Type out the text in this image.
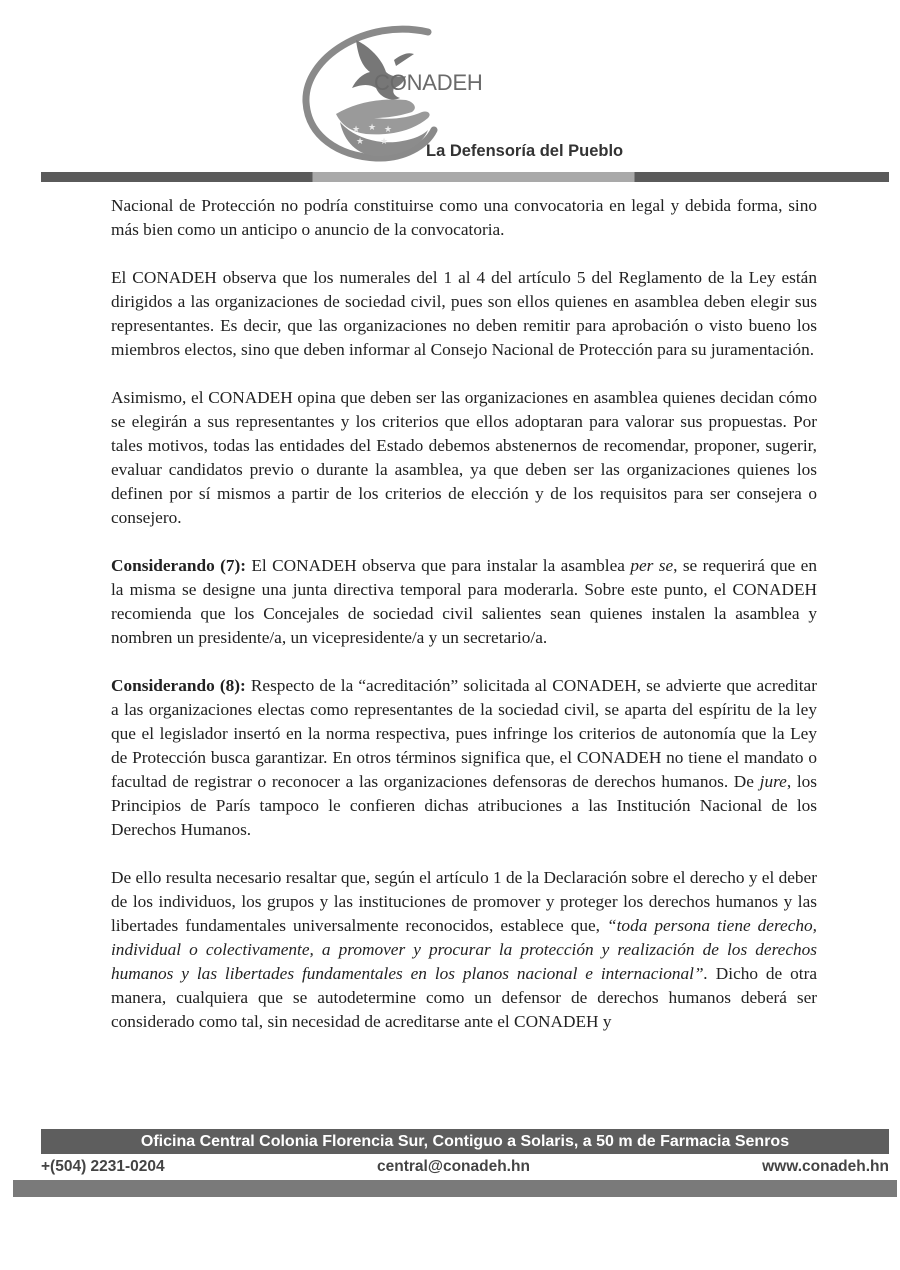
★ ★ ★
★ ★
CONADEH
La Defensoría del Pueblo

Nacional de Protección no podría constituirse como una convocatoria en legal y debida forma, sino más bien como un anticipo o anuncio de la convocatoria.

El CONADEH observa que los numerales del 1 al 4 del artículo 5 del Reglamento de la Ley están dirigidos a las organizaciones de sociedad civil, pues son ellos quienes en asamblea deben elegir sus representantes. Es decir, que las organizaciones no deben remitir para aprobación o visto bueno los miembros electos, sino que deben informar al Consejo Nacional de Protección para su juramentación.

Asimismo, el CONADEH opina que deben ser las organizaciones en asamblea quienes decidan cómo se elegirán a sus representantes y los criterios que ellos adoptaran para valorar sus propuestas. Por tales motivos, todas las entidades del Estado debemos abstenernos de recomendar, proponer, sugerir, evaluar candidatos previo o durante la asamblea, ya que deben ser las organizaciones quienes los definen por sí mismos a partir de los criterios de elección y de los requisitos para ser consejera o consejero.

Considerando (7): El CONADEH observa que para instalar la asamblea per se, se requerirá que en la misma se designe una junta directiva temporal para moderarla. Sobre este punto, el CONADEH recomienda que los Concejales de sociedad civil salientes sean quienes instalen la asamblea y nombren un presidente/a, un vicepresidente/a y un secretario/a.

Considerando (8): Respecto de la “acreditación” solicitada al CONADEH, se advierte que acreditar a las organizaciones electas como representantes de la sociedad civil, se aparta del espíritu de la ley que el legislador insertó en la norma respectiva, pues infringe los criterios de autonomía que la Ley de Protección busca garantizar. En otros términos significa que, el CONADEH no tiene el mandato o facultad de registrar o reconocer a las organizaciones defensoras de derechos humanos. De jure, los Principios de París tampoco le confieren dichas atribuciones a las Institución Nacional de los Derechos Humanos.

De ello resulta necesario resaltar que, según el artículo 1 de la Declaración sobre el derecho y el deber de los individuos, los grupos y las instituciones de promover y proteger los derechos humanos y las libertades fundamentales universalmente reconocidos, establece que, “toda persona tiene derecho, individual o colectivamente, a promover y procurar la protección y realización de los derechos humanos y las libertades fundamentales en los planos nacional e internacional”. Dicho de otra manera, cualquiera que se autodetermine como un defensor de derechos humanos deberá ser considerado como tal, sin necesidad de acreditarse ante el CONADEH y

Oficina Central Colonia Florencia Sur, Contiguo a Solaris, a 50 m de Farmacia Senros
+(504) 2231-0204	central@conadeh.hn	www.conadeh.hn
